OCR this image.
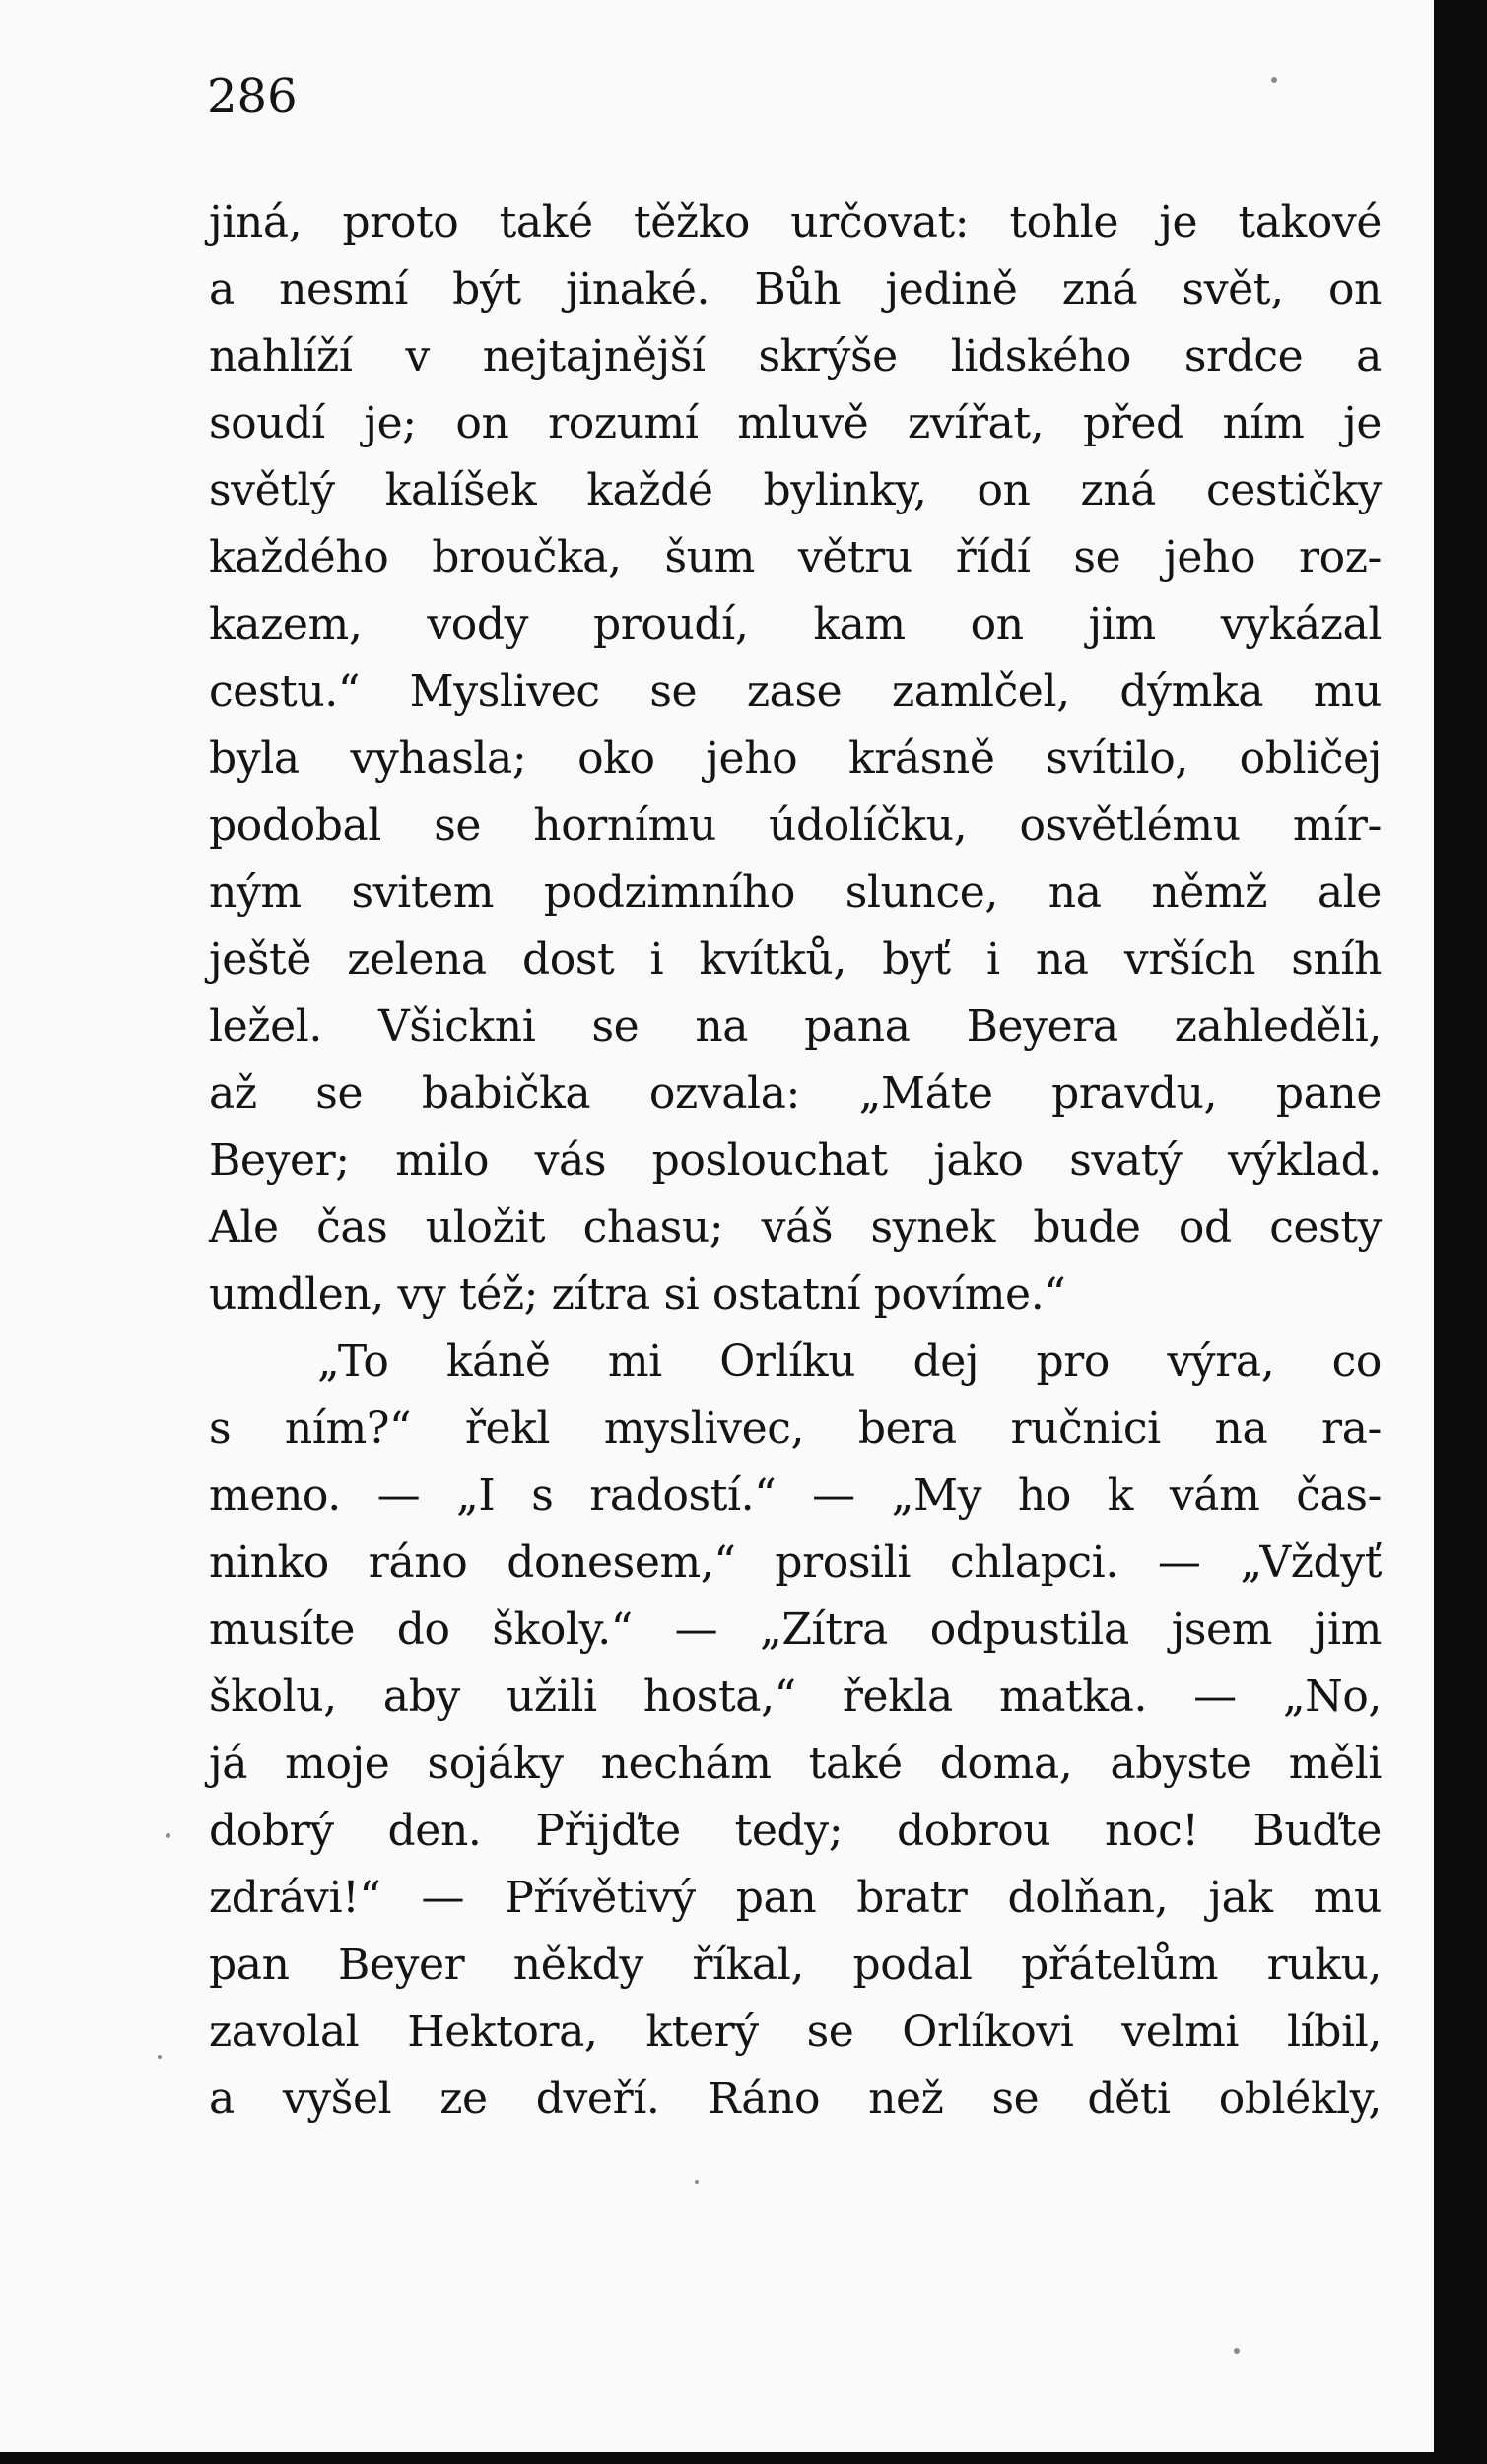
286
jiná, proto také těžko určovat: tohle je takové
a nesmí být jinaké. Bůh jedině zná svět, on
nahlíží v nejtajnější skrýše lidského srdce a
soudí je; on rozumí mluvě zvířat, před ním je
světlý kalíšek každé bylinky, on zná cestičky
každého broučka, šum větru řídí se jeho roz-
kazem, vody proudí, kam on jim vykázal
cestu.“ Myslivec se zase zamlčel, dýmka mu
byla vyhasla; oko jeho krásně svítilo, obličej
podobal se hornímu údolíčku, osvětlému mír-
ným svitem podzimního slunce, na němž ale
ještě zelena dost i kvítků, byť i na vrších sníh
ležel. Všickni se na pana Beyera zahleděli,
až se babička ozvala: „Máte pravdu, pane
Beyer; milo vás poslouchat jako svatý výklad.
Ale čas uložit chasu; váš synek bude od cesty
umdlen, vy též; zítra si ostatní povíme.“
„To káně mi Orlíku dej pro výra, co
s ním?“ řekl myslivec, bera ručnici na ra-
meno. — „I s radostí.“ — „My ho k vám čas-
ninko ráno donesem,“ prosili chlapci. — „Vždyť
musíte do školy.“ — „Zítra odpustila jsem jim
školu, aby užili hosta,“ řekla matka. — „No,
já moje sojáky nechám také doma, abyste měli
dobrý den. Přijďte tedy; dobrou noc! Buďte
zdrávi!“ — Přívětivý pan bratr dolňan, jak mu
pan Beyer někdy říkal, podal přátelům ruku,
zavolal Hektora, který se Orlíkovi velmi líbil,
a vyšel ze dveří. Ráno než se děti oblékly,
